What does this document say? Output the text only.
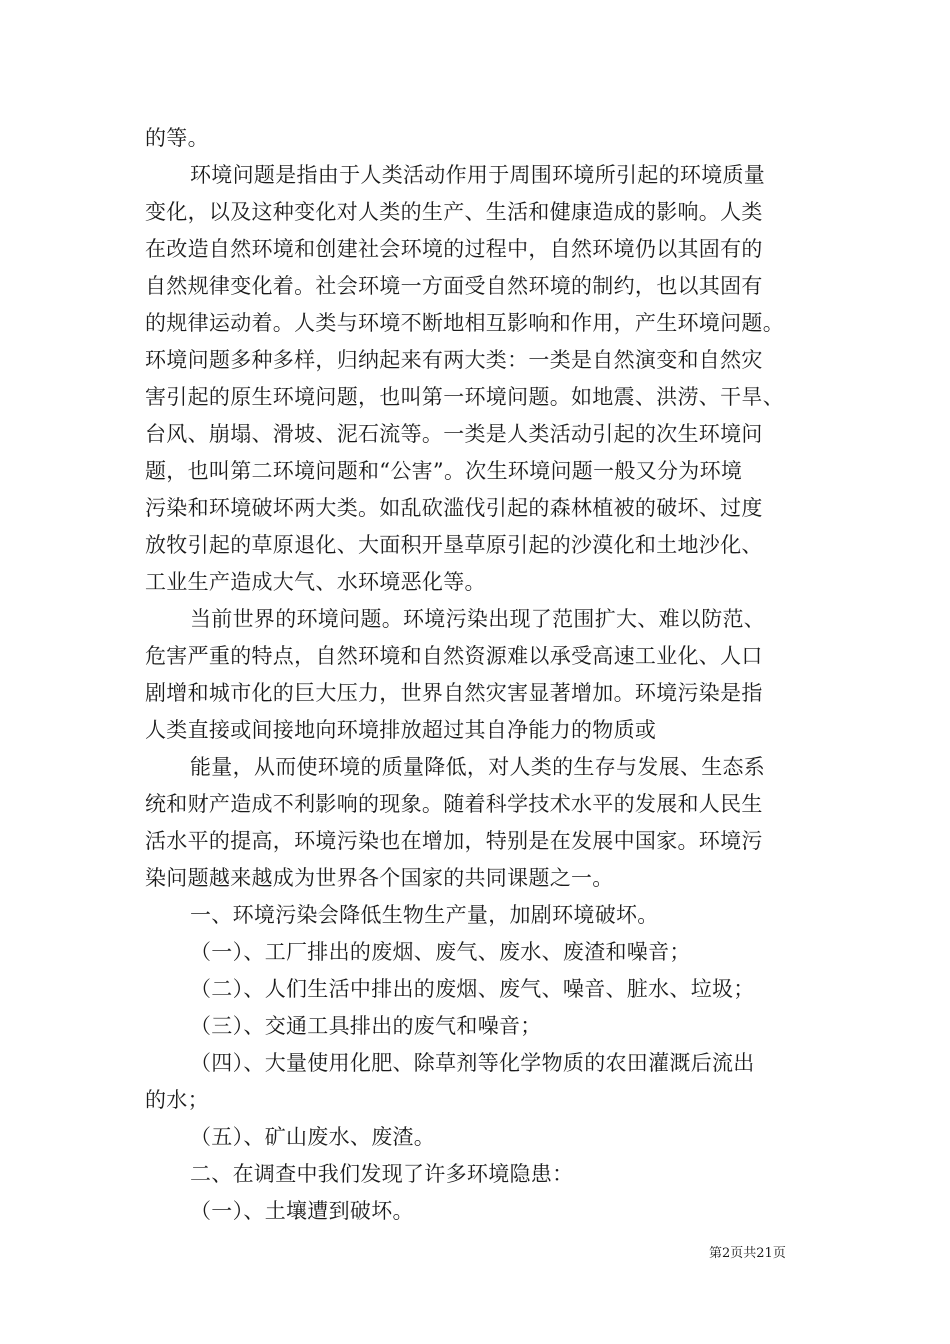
的等。
环境问题是指由于人类活动作用于周围环境所引起的环境质量
变化，以及这种变化对人类的生产、生活和健康造成的影响。人类
在改造自然环境和创建社会环境的过程中，自然环境仍以其固有的
自然规律变化着。社会环境一方面受自然环境的制约，也以其固有
的规律运动着。人类与环境不断地相互影响和作用，产生环境问题。
环境问题多种多样，归纳起来有两大类：一类是自然演变和自然灾
害引起的原生环境问题，也叫第一环境问题。如地震、洪涝、干旱、
台风、崩塌、滑坡、泥石流等。一类是人类活动引起的次生环境问
题，也叫第二环境问题和“公害”。次生环境问题一般又分为环境
污染和环境破坏两大类。如乱砍滥伐引起的森林植被的破坏、过度
放牧引起的草原退化、大面积开垦草原引起的沙漠化和土地沙化、
工业生产造成大气、水环境恶化等。
当前世界的环境问题。环境污染出现了范围扩大、难以防范、
危害严重的特点，自然环境和自然资源难以承受高速工业化、人口
剧增和城市化的巨大压力，世界自然灾害显著增加。环境污染是指
人类直接或间接地向环境排放超过其自净能力的物质或
能量，从而使环境的质量降低，对人类的生存与发展、生态系
统和财产造成不利影响的现象。随着科学技术水平的发展和人民生
活水平的提高，环境污染也在增加，特别是在发展中国家。环境污
染问题越来越成为世界各个国家的共同课题之一。
一、环境污染会降低生物生产量，加剧环境破坏。
（一）、工厂排出的废烟、废气、废水、废渣和噪音；
（二）、人们生活中排出的废烟、废气、噪音、脏水、垃圾；
（三）、交通工具排出的废气和噪音；
（四）、大量使用化肥、除草剂等化学物质的农田灌溉后流出
的水；
（五）、矿山废水、废渣。
二、在调查中我们发现了许多环境隐患：
（一）、土壤遭到破坏。
第2页共21页
